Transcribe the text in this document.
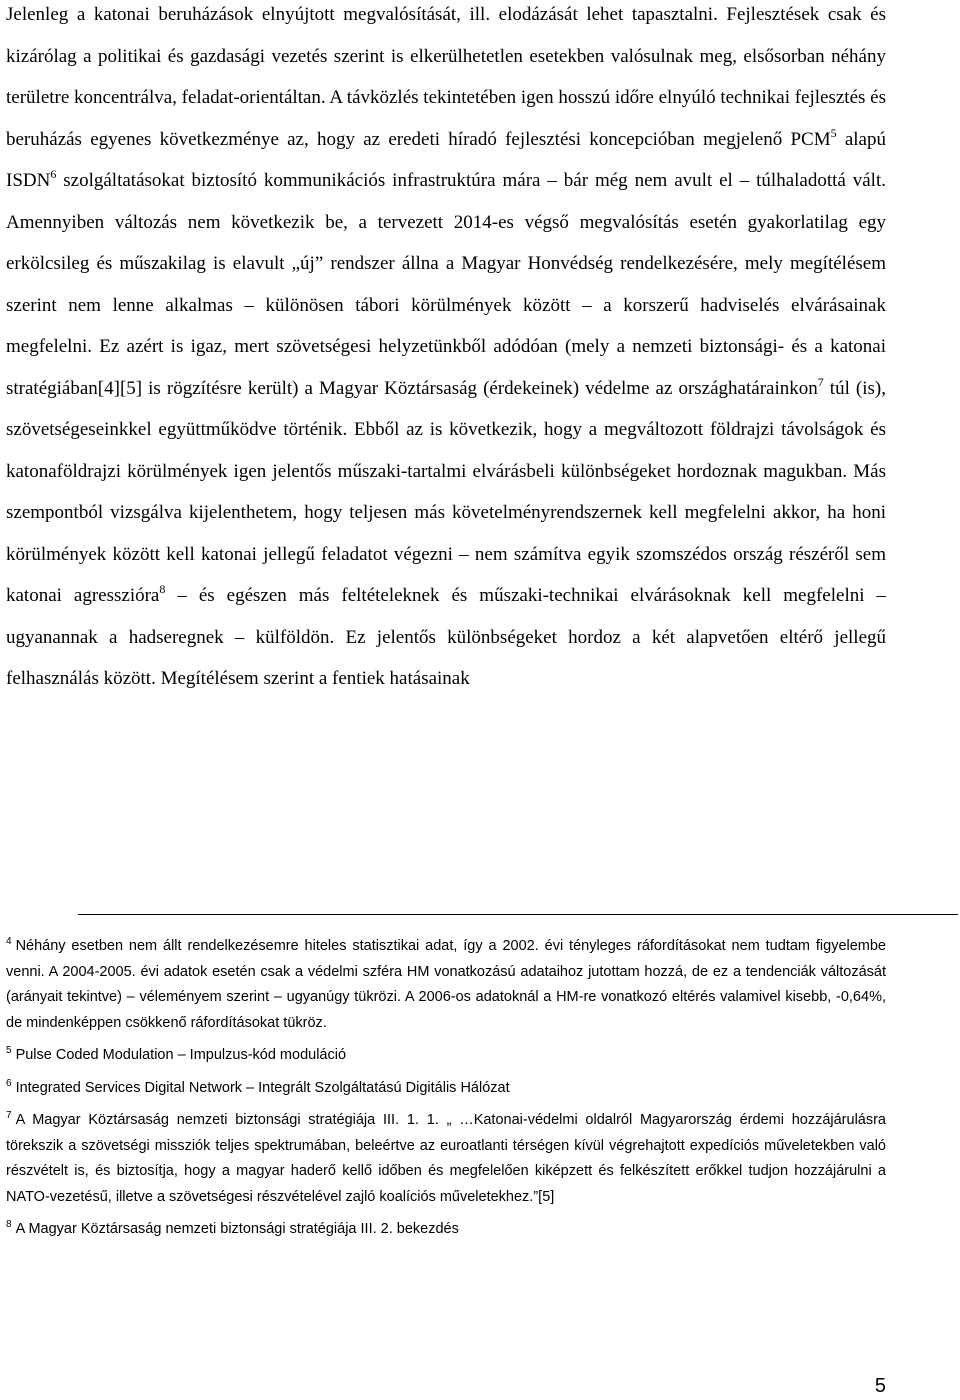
Jelenleg a katonai beruházások elnyújtott megvalósítását, ill. elodázását lehet tapasztalni. Fejlesztések csak és kizárólag a politikai és gazdasági vezetés szerint is elkerülhetetlen esetekben valósulnak meg, elsősorban néhány területre koncentrálva, feladat-orientáltan. A távközlés tekintetében igen hosszú időre elnyúló technikai fejlesztés és beruházás egyenes következménye az, hogy az eredeti híradó fejlesztési koncepcióban megjelenő PCM$^5$ alapú ISDN$^6$ szolgáltatásokat biztosító kommunikációs infrastruktúra mára – bár még nem avult el – túlhaladottá vált. Amennyiben változás nem következik be, a tervezett 2014-es végső megvalósítás esetén gyakorlatilag egy erkölcsileg és műszakilag is elavult „új” rendszer állna a Magyar Honvédség rendelkezésére, mely megítélésem szerint nem lenne alkalmas – különösen tábori körülmények között – a korszerű hadviselés elvárásainak megfelelni. Ez azért is igaz, mert szövetségesi helyzetünkből adódóan (mely a nemzeti biztonsági- és a katonai stratégiában[4][5] is rögzítésre került) a Magyar Köztársaság (érdekeinek) védelme az országhatárainkon$^7$ túl (is), szövetségeseinkkel együttműködve történik. Ebből az is következik, hogy a megváltozott földrajzi távolságok és katonaföldrajzi körülmények igen jelentős műszaki-tartalmi elvárásbeli különbségeket hordoznak magukban. Más szempontból vizsgálva kijelenthetem, hogy teljesen más követelményrendszernek kell megfelelni akkor, ha honi körülmények között kell katonai jellegű feladatot végezni – nem számítva egyik szomszédos ország részéről sem katonai agresszióra$^8$ – és egészen más feltételeknek és műszaki-technikai elvárásoknak kell megfelelni – ugyanannak a hadseregnek – külföldön. Ez jelentős különbségeket hordoz a két alapvetően eltérő jellegű felhasználás között. Megítélésem szerint a fentiek hatásainak

$^4$ Néhány esetben nem állt rendelkezésemre hiteles statisztikai adat, így a 2002. évi tényleges ráfordításokat nem tudtam figyelembe venni. A 2004-2005. évi adatok esetén csak a védelmi szféra HM vonatkozású adataihoz jutottam hozzá, de ez a tendenciák változását (arányait tekintve) – véleményem szerint – ugyanúgy tükrözi. A 2006-os adatoknál a HM-re vonatkozó eltérés valamivel kisebb, -0,64%, de mindenképpen csökkenő ráfordításokat tükröz.

$^5$ Pulse Coded Modulation – Impulzus-kód moduláció

$^6$ Integrated Services Digital Network – Integrált Szolgáltatású Digitális Hálózat

$^7$ A Magyar Köztársaság nemzeti biztonsági stratégiája III. 1. 1. „ …Katonai-védelmi oldalról Magyarország érdemi hozzájárulásra törekszik a szövetségi missziók teljes spektrumában, beleértve az euroatlanti térségen kívül végrehajtott expedíciós műveletekben való részvételt is, és biztosítja, hogy a magyar haderő kellő időben és megfelelően kiképzett és felkészített erőkkel tudjon hozzájárulni a NATO-vezetésű, illetve a szövetségesi részvételével zajló koalíciós műveletekhez.”[5]

$^8$ A Magyar Köztársaság nemzeti biztonsági stratégiája III. 2. bekezdés

5
